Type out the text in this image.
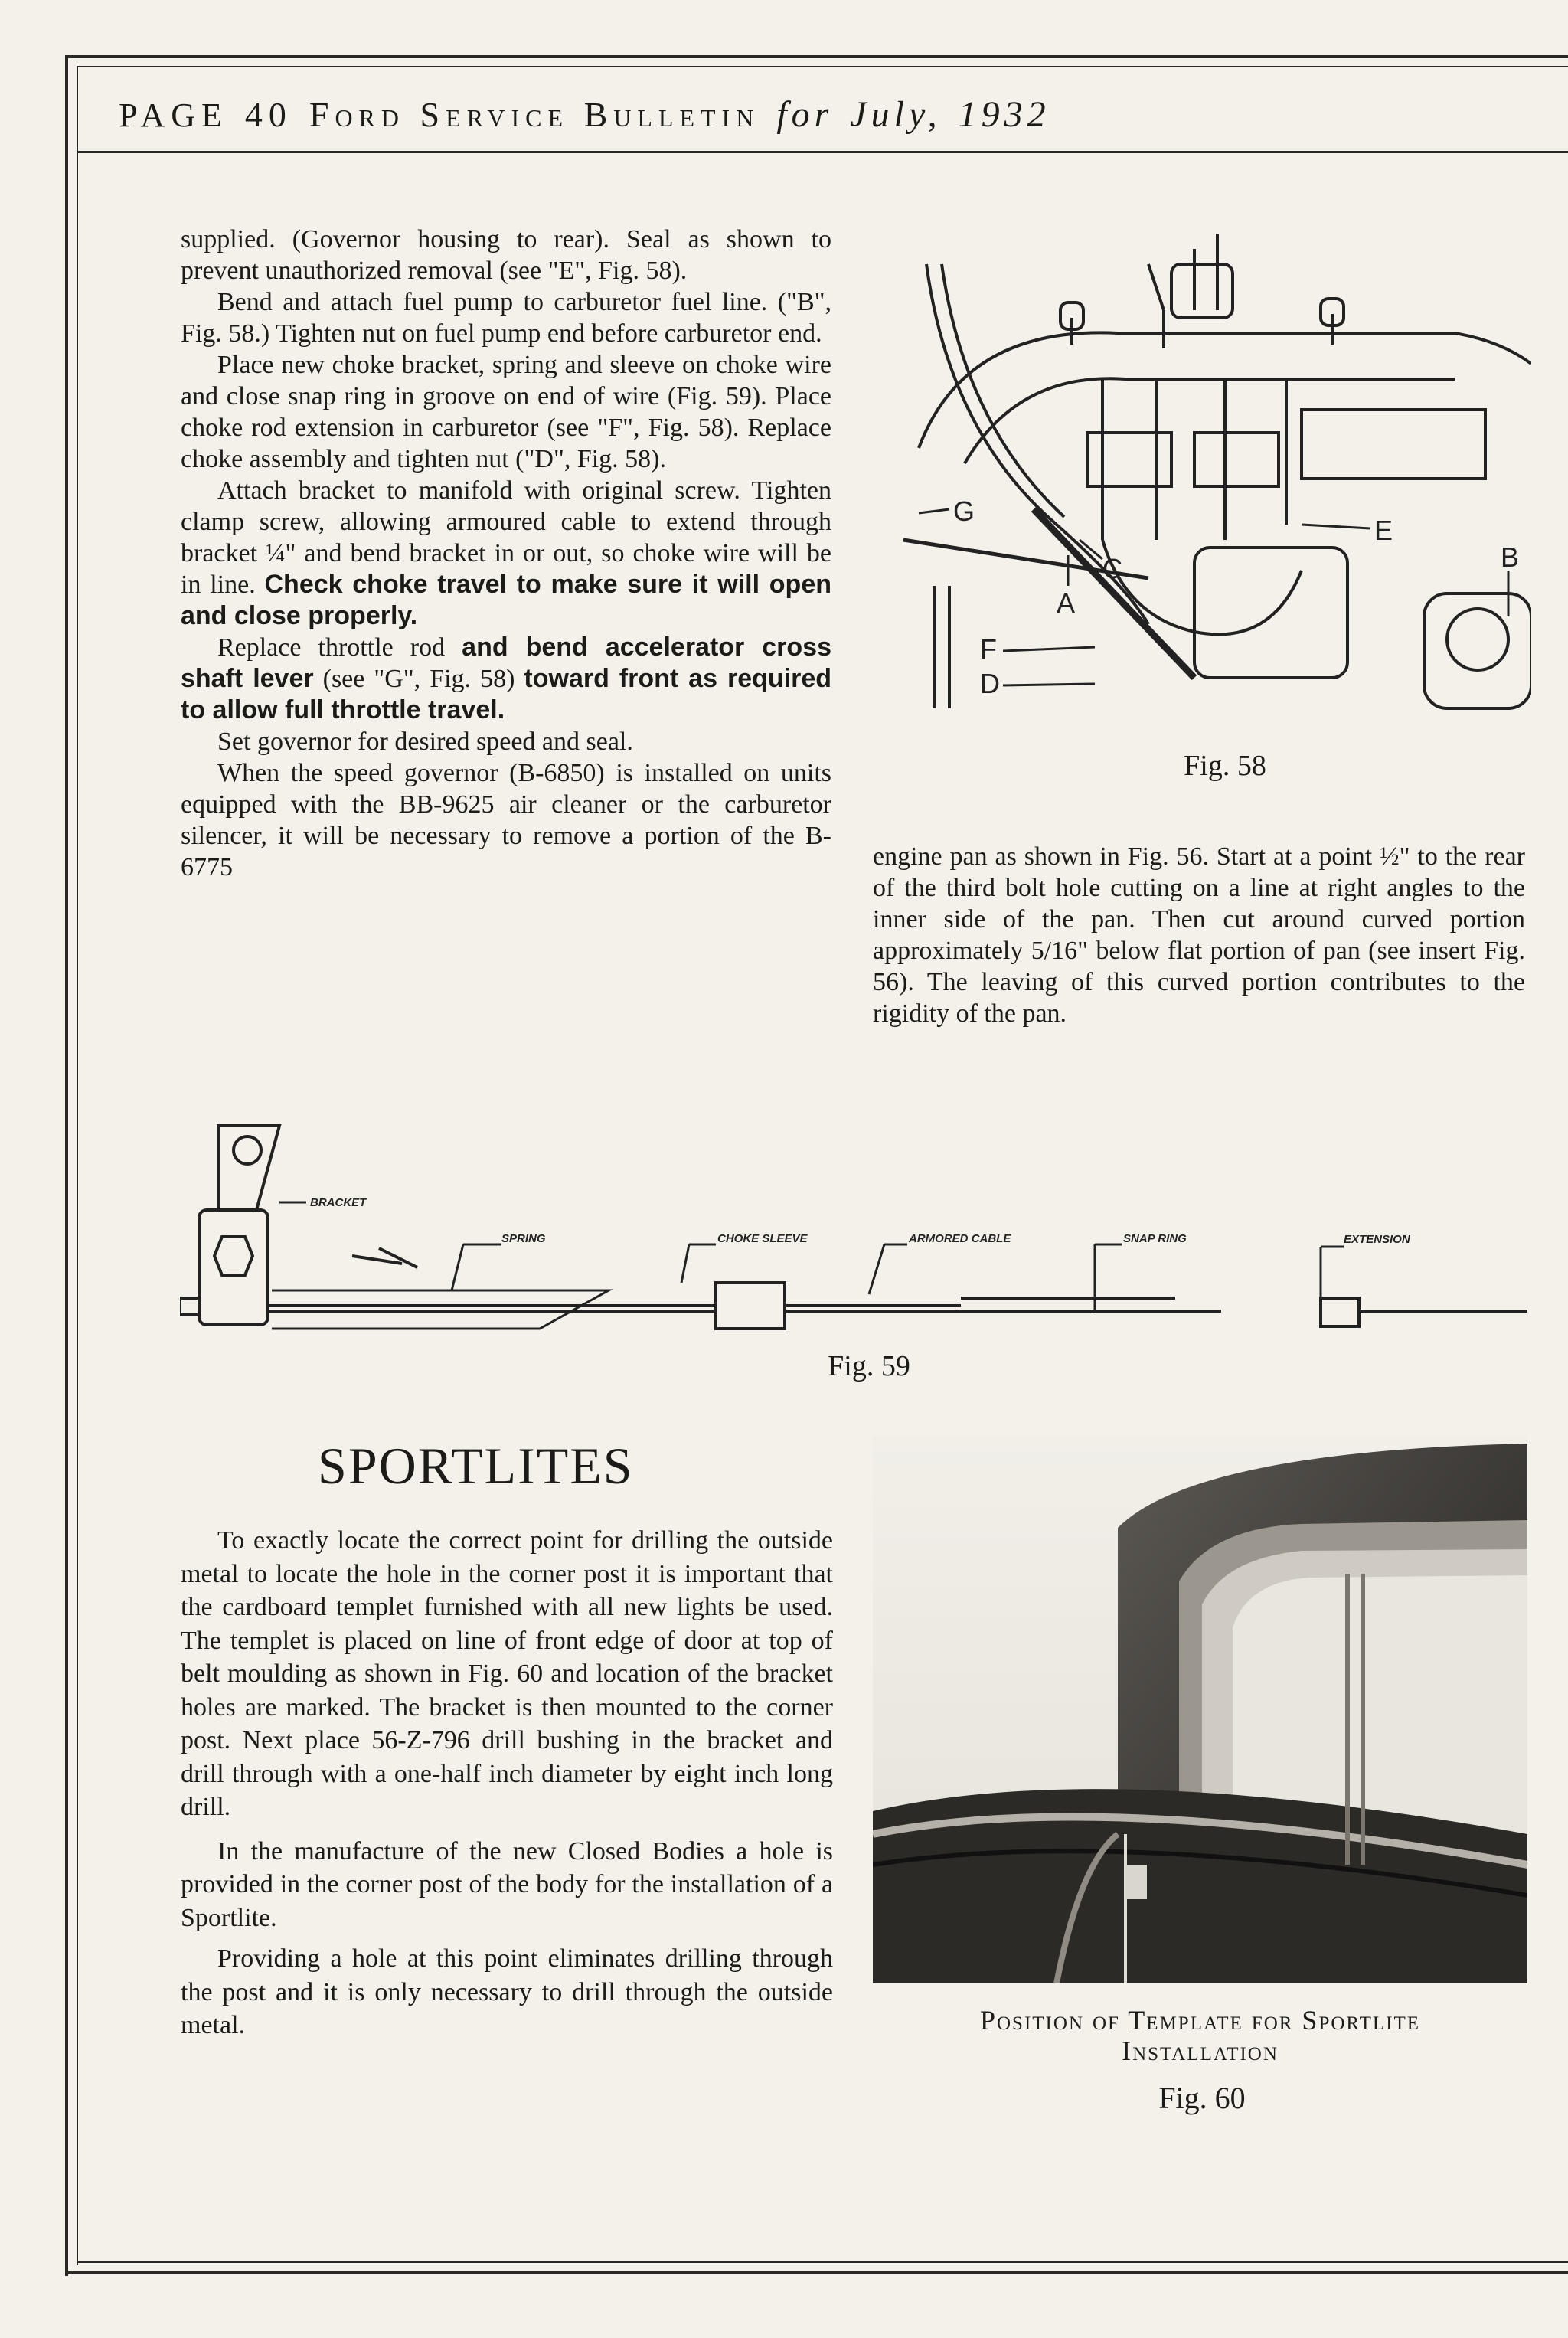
PAGE 40 Ford Service Bulletin for July, 1932

supplied. (Governor housing to rear). Seal as shown to prevent unauthorized removal (see "E", Fig. 58).

Bend and attach fuel pump to carburetor fuel line. ("B", Fig. 58.) Tighten nut on fuel pump end before carburetor end.

Place new choke bracket, spring and sleeve on choke wire and close snap ring in groove on end of wire (Fig. 59). Place choke rod extension in carburetor (see "F", Fig. 58). Replace choke assembly and tighten nut ("D", Fig. 58).

Attach bracket to manifold with original screw. Tighten clamp screw, allowing armoured cable to extend through bracket ¼" and bend bracket in or out, so choke wire will be in line. Check choke travel to make sure it will open and close properly.

Replace throttle rod and bend accelerator cross shaft lever (see "G", Fig. 58) toward front as required to allow full throttle travel.

Set governor for desired speed and seal.

When the speed governor (B-6850) is installed on units equipped with the BB-9625 air cleaner or the carburetor silencer, it will be necessary to remove a portion of the B-6775

G
C
E
B
A
F
D
Fig. 58

engine pan as shown in Fig. 56. Start at a point ½" to the rear of the third bolt hole cutting on a line at right angles to the inner side of the pan. Then cut around curved portion approximately 5/16" below flat portion of pan (see insert Fig. 56). The leaving of this curved portion contributes to the rigidity of the pan.

BRACKET
SPRING	CHOKE SLEEVE	ARMORED CABLE	SNAP RING	EXTENSION
Fig. 59
SPORTLITES

To exactly locate the correct point for drilling the outside metal to locate the hole in the corner post it is important that the cardboard templet furnished with all new lights be used. The templet is placed on line of front edge of door at top of belt moulding as shown in Fig. 60 and location of the bracket holes are marked. The bracket is then mounted to the corner post. Next place 56-Z-796 drill bushing in the bracket and drill through with a one-half inch diameter by eight inch long drill.

In the manufacture of the new Closed Bodies a hole is provided in the corner post of the body for the installation of a Sportlite.

Providing a hole at this point eliminates drilling through the post and it is only necessary to drill through the outside metal.	Position of Template for Sportlite
Installation
Fig. 60
